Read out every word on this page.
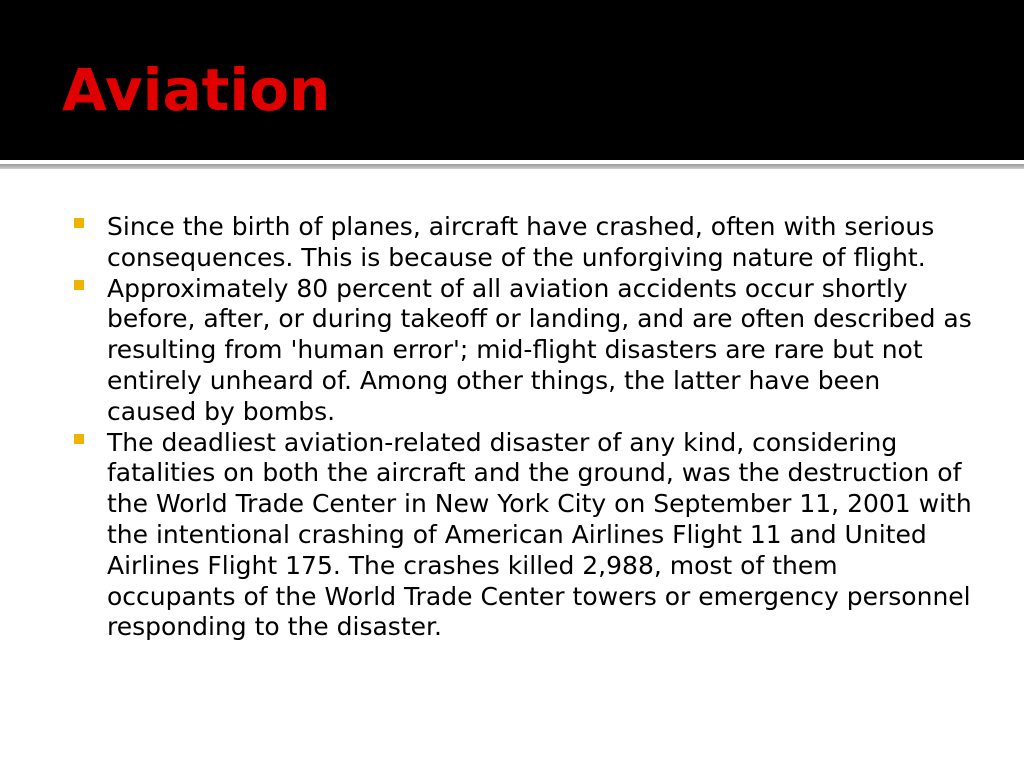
Aviation
Since the birth of planes, aircraft have crashed, often with serious consequences. This is because of the unforgiving nature of flight.
Approximately 80 percent of all aviation accidents occur shortly before, after, or during takeoff or landing, and are often described as resulting from 'human error'; mid-flight disasters are rare but not entirely unheard of. Among other things, the latter have been caused by bombs.
The deadliest aviation-related disaster of any kind, considering fatalities on both the aircraft and the ground, was the destruction of the World Trade Center in New York City on September 11, 2001 with the intentional crashing of American Airlines Flight 11 and United Airlines Flight 175. The crashes killed 2,988, most of them occupants of the World Trade Center towers or emergency personnel responding to the disaster.
